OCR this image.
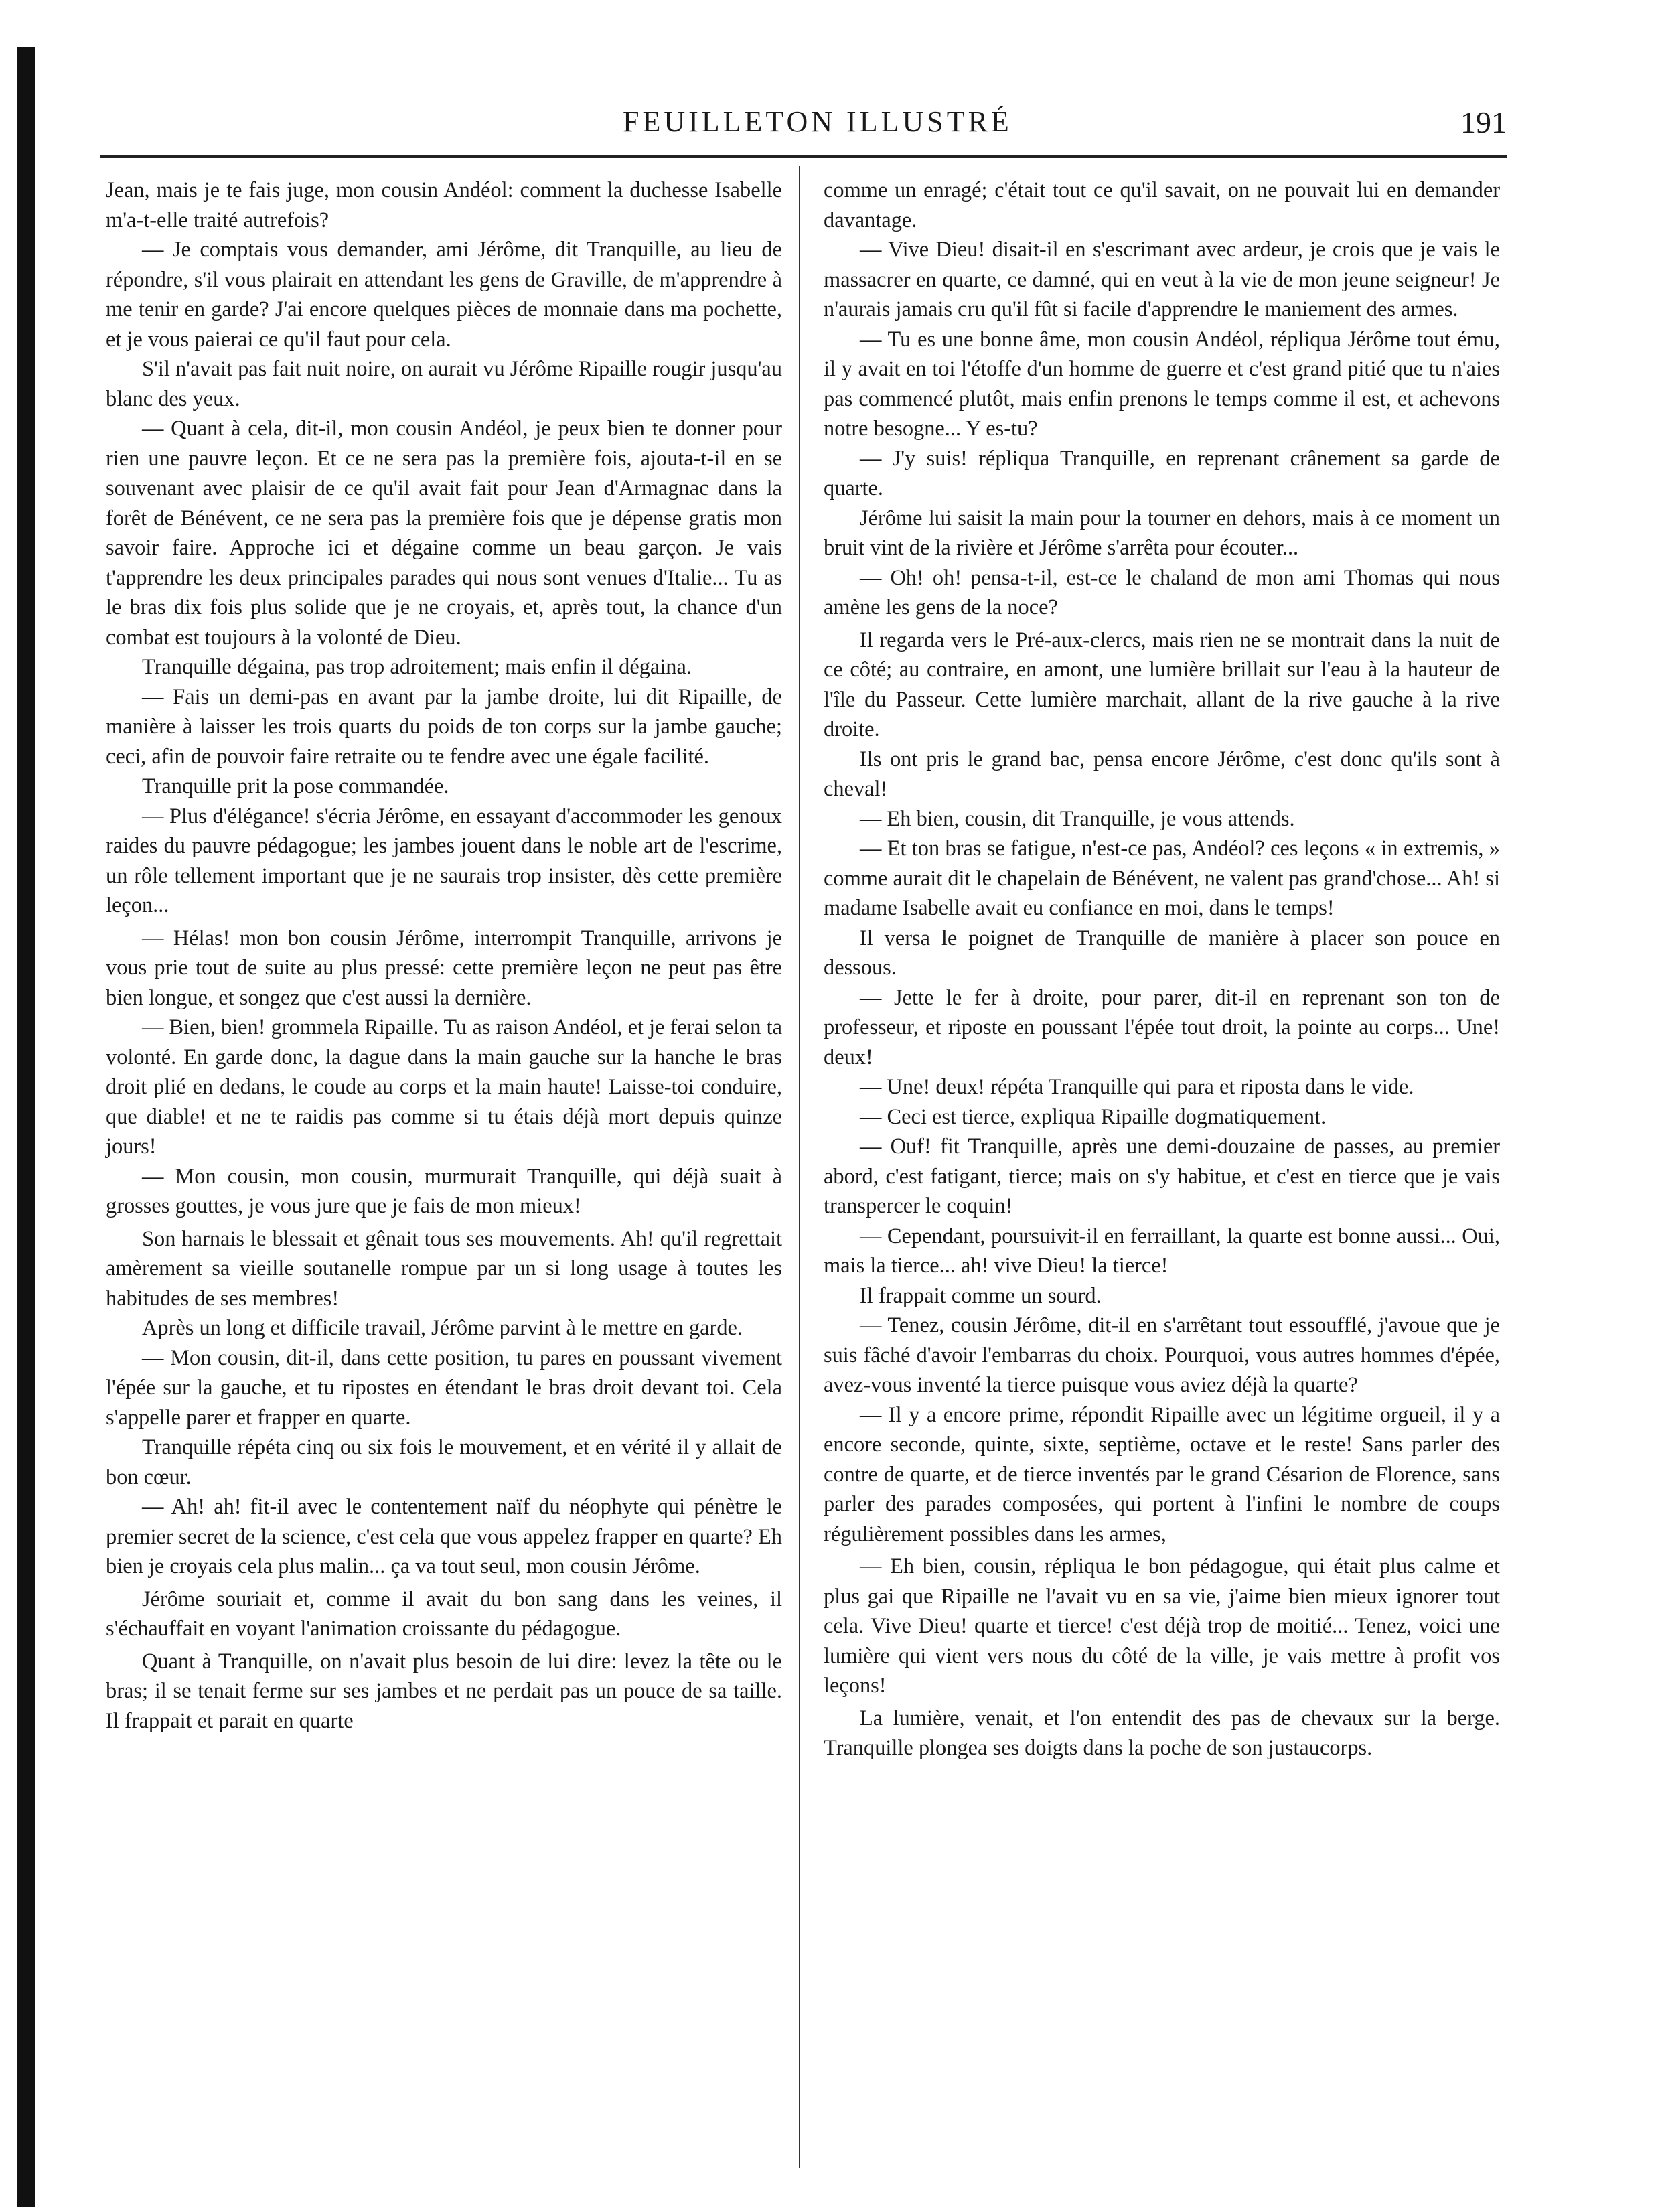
FEUILLETON ILLUSTRÉ	191

Jean, mais je te fais juge, mon cousin Andéol: comment la duchesse Isabelle m'a-t-elle traité autrefois?

— Je comptais vous demander, ami Jérôme, dit Tranquille, au lieu de répondre, s'il vous plairait en attendant les gens de Graville, de m'apprendre à me tenir en garde? J'ai encore quelques pièces de monnaie dans ma pochette, et je vous paierai ce qu'il faut pour cela.

S'il n'avait pas fait nuit noire, on aurait vu Jérôme Ripaille rougir jusqu'au blanc des yeux.

— Quant à cela, dit-il, mon cousin Andéol, je peux bien te donner pour rien une pauvre leçon. Et ce ne sera pas la première fois, ajouta-t-il en se souvenant avec plaisir de ce qu'il avait fait pour Jean d'Armagnac dans la forêt de Bénévent, ce ne sera pas la première fois que je dépense gratis mon savoir faire. Approche ici et dégaine comme un beau garçon. Je vais t'apprendre les deux principales parades qui nous sont venues d'Italie... Tu as le bras dix fois plus solide que je ne croyais, et, après tout, la chance d'un combat est toujours à la volonté de Dieu.

Tranquille dégaina, pas trop adroitement; mais enfin il dégaina.

— Fais un demi-pas en avant par la jambe droite, lui dit Ripaille, de manière à laisser les trois quarts du poids de ton corps sur la jambe gauche; ceci, afin de pouvoir faire retraite ou te fendre avec une égale facilité.

Tranquille prit la pose commandée.

— Plus d'élégance! s'écria Jérôme, en essayant d'accommoder les genoux raides du pauvre pédagogue; les jambes jouent dans le noble art de l'escrime, un rôle tellement important que je ne saurais trop insister, dès cette première leçon...

— Hélas! mon bon cousin Jérôme, interrompit Tranquille, arrivons je vous prie tout de suite au plus pressé: cette première leçon ne peut pas être bien longue, et songez que c'est aussi la dernière.

— Bien, bien! grommela Ripaille. Tu as raison Andéol, et je ferai selon ta volonté. En garde donc, la dague dans la main gauche sur la hanche le bras droit plié en dedans, le coude au corps et la main haute! Laisse-toi conduire, que diable! et ne te raidis pas comme si tu étais déjà mort depuis quinze jours!

— Mon cousin, mon cousin, murmurait Tranquille, qui déjà suait à grosses gouttes, je vous jure que je fais de mon mieux!

Son harnais le blessait et gênait tous ses mouvements. Ah! qu'il regrettait amèrement sa vieille soutanelle rompue par un si long usage à toutes les habitudes de ses membres!

Après un long et difficile travail, Jérôme parvint à le mettre en garde.

— Mon cousin, dit-il, dans cette position, tu pares en poussant vivement l'épée sur la gauche, et tu ripostes en étendant le bras droit devant toi. Cela s'appelle parer et frapper en quarte.

Tranquille répéta cinq ou six fois le mouvement, et en vérité il y allait de bon cœur.

— Ah! ah! fit-il avec le contentement naïf du néophyte qui pénètre le premier secret de la science, c'est cela que vous appelez frapper en quarte? Eh bien je croyais cela plus malin... ça va tout seul, mon cousin Jérôme.

Jérôme souriait et, comme il avait du bon sang dans les veines, il s'échauffait en voyant l'animation croissante du pédagogue.

Quant à Tranquille, on n'avait plus besoin de lui dire: levez la tête ou le bras; il se tenait ferme sur ses jambes et ne perdait pas un pouce de sa taille. Il frappait et parait en quarte

comme un enragé; c'était tout ce qu'il savait, on ne pouvait lui en demander davantage.

— Vive Dieu! disait-il en s'escrimant avec ardeur, je crois que je vais le massacrer en quarte, ce damné, qui en veut à la vie de mon jeune seigneur! Je n'aurais jamais cru qu'il fût si facile d'apprendre le maniement des armes.

— Tu es une bonne âme, mon cousin Andéol, répliqua Jérôme tout ému, il y avait en toi l'étoffe d'un homme de guerre et c'est grand pitié que tu n'aies pas commencé plutôt, mais enfin prenons le temps comme il est, et achevons notre besogne... Y es-tu?

— J'y suis! répliqua Tranquille, en reprenant crânement sa garde de quarte.

Jérôme lui saisit la main pour la tourner en dehors, mais à ce moment un bruit vint de la rivière et Jérôme s'arrêta pour écouter...

— Oh! oh! pensa-t-il, est-ce le chaland de mon ami Thomas qui nous amène les gens de la noce?

Il regarda vers le Pré-aux-clercs, mais rien ne se montrait dans la nuit de ce côté; au contraire, en amont, une lumière brillait sur l'eau à la hauteur de l'île du Passeur. Cette lumière marchait, allant de la rive gauche à la rive droite.

Ils ont pris le grand bac, pensa encore Jérôme, c'est donc qu'ils sont à cheval!

— Eh bien, cousin, dit Tranquille, je vous attends.

— Et ton bras se fatigue, n'est-ce pas, Andéol? ces leçons « in extremis, » comme aurait dit le chapelain de Bénévent, ne valent pas grand'chose... Ah! si madame Isabelle avait eu confiance en moi, dans le temps!

Il versa le poignet de Tranquille de manière à placer son pouce en dessous.

— Jette le fer à droite, pour parer, dit-il en reprenant son ton de professeur, et riposte en poussant l'épée tout droit, la pointe au corps... Une! deux!

— Une! deux! répéta Tranquille qui para et riposta dans le vide.

— Ceci est tierce, expliqua Ripaille dogmatiquement.

— Ouf! fit Tranquille, après une demi-douzaine de passes, au premier abord, c'est fatigant, tierce; mais on s'y habitue, et c'est en tierce que je vais transpercer le coquin!

— Cependant, poursuivit-il en ferraillant, la quarte est bonne aussi... Oui, mais la tierce... ah! vive Dieu! la tierce!

Il frappait comme un sourd.

— Tenez, cousin Jérôme, dit-il en s'arrêtant tout essoufflé, j'avoue que je suis fâché d'avoir l'embarras du choix. Pourquoi, vous autres hommes d'épée, avez-vous inventé la tierce puisque vous aviez déjà la quarte?

— Il y a encore prime, répondit Ripaille avec un légitime orgueil, il y a encore seconde, quinte, sixte, septième, octave et le reste! Sans parler des contre de quarte, et de tierce inventés par le grand Césarion de Florence, sans parler des parades composées, qui portent à l'infini le nombre de coups régulièrement possibles dans les armes,

— Eh bien, cousin, répliqua le bon pédagogue, qui était plus calme et plus gai que Ripaille ne l'avait vu en sa vie, j'aime bien mieux ignorer tout cela. Vive Dieu! quarte et tierce! c'est déjà trop de moitié... Tenez, voici une lumière qui vient vers nous du côté de la ville, je vais mettre à profit vos leçons!

La lumière, venait, et l'on entendit des pas de chevaux sur la berge. Tranquille plongea ses doigts dans la poche de son justaucorps.
